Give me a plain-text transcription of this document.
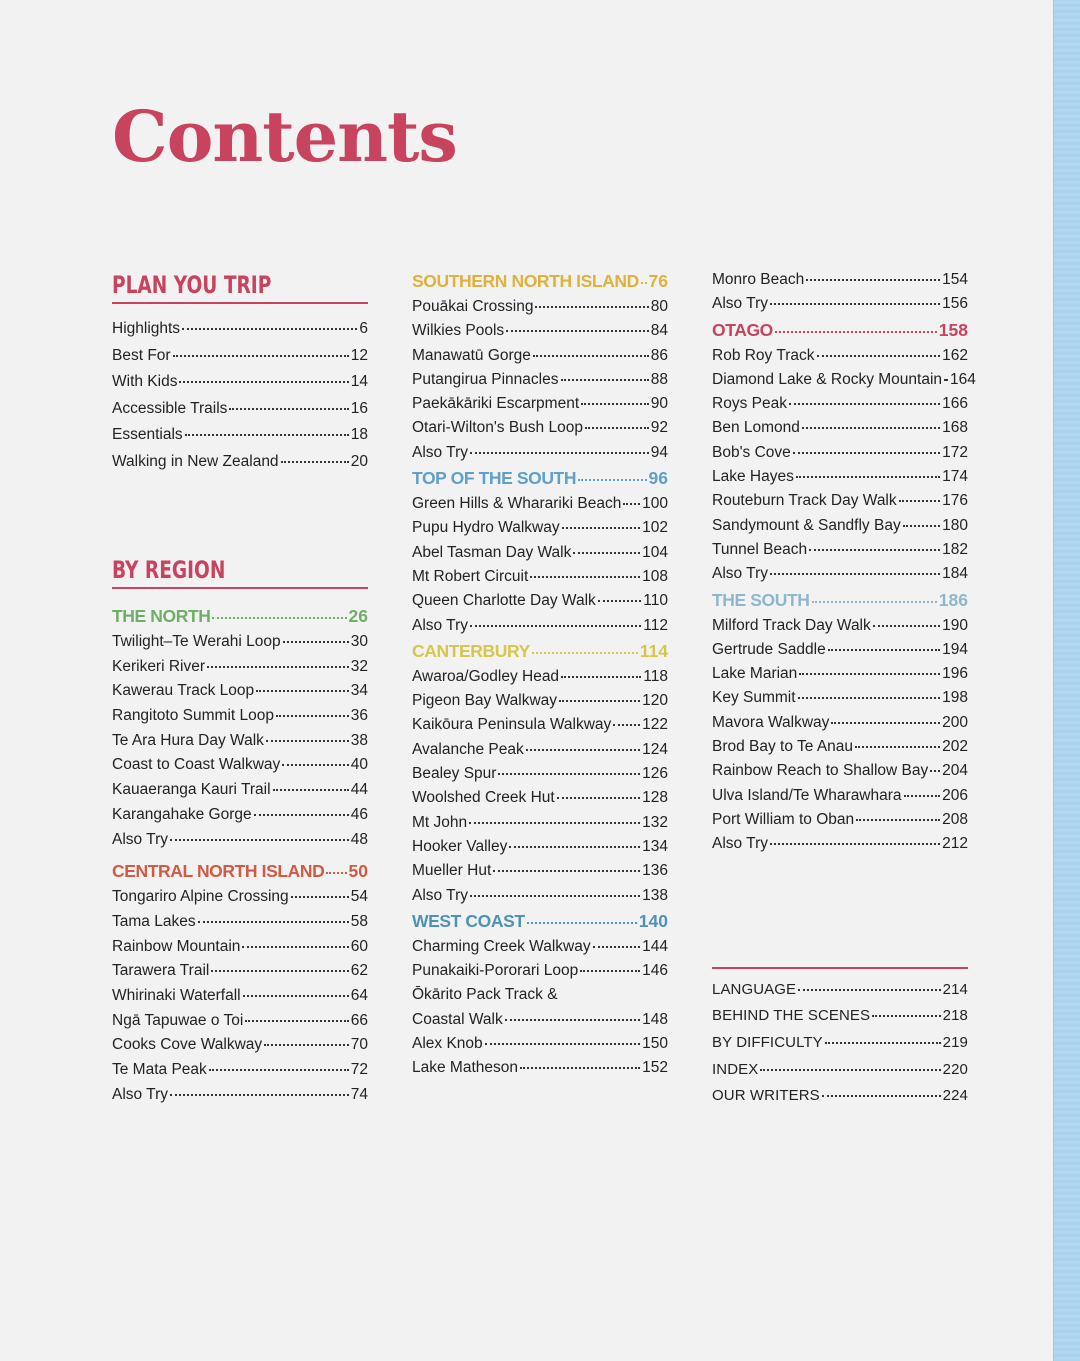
Contents
PLAN YOU TRIP
Highlights	6
Best For	12
With Kids	14
Accessible Trails	16
Essentials	18
Walking in New Zealand	20
BY REGION
THE NORTH	26
Twilight–Te Werahi Loop	30
Kerikeri River	32
Kawerau Track Loop	34
Rangitoto Summit Loop	36
Te Ara Hura Day Walk	38
Coast to Coast Walkway	40
Kauaeranga Kauri Trail	44
Karangahake Gorge	46
Also Try	48
CENTRAL NORTH ISLAND 50
Tongariro Alpine Crossing	54
Tama Lakes	58
Rainbow Mountain	60
Tarawera Trail	62
Whirinaki Waterfall	64
Ngā Tapuwae o Toi	66
Cooks Cove Walkway	70
Te Mata Peak	72
Also Try	74
SOUTHERN NORTH ISLAND 76
Pouākai Crossing	80
Wilkies Pools	84
Manawatū Gorge	86
Putangirua Pinnacles	88
Paekākāriki Escarpment	90
Otari-Wilton's Bush Loop	92
Also Try	94
TOP OF THE SOUTH	96
Green Hills & Wharariki Beach 100
Pupu Hydro Walkway	102
Abel Tasman Day Walk	104
Mt Robert Circuit	108
Queen Charlotte Day Walk	110
Also Try	112
CANTERBURY	114
Awaroa/Godley Head	118
Pigeon Bay Walkway	120
Kaikōura Peninsula Walkway 122
Avalanche Peak	124
Bealey Spur	126
Woolshed Creek Hut	128
Mt John	132
Hooker Valley	134
Mueller Hut	136
Also Try	138
WEST COAST	140
Charming Creek Walkway	144
Punakaiki-Pororari Loop	146
Ōkārito Pack Track &
Coastal Walk	148
Alex Knob	150
Lake Matheson	152
Monro Beach	154
Also Try	156
OTAGO	158
Rob Roy Track	162
Diamond Lake & Rocky Mountain 164
Roys Peak	166
Ben Lomond	168
Bob's Cove	172
Lake Hayes	174
Routeburn Track Day Walk	176
Sandymount & Sandfly Bay	180
Tunnel Beach	182
Also Try	184
THE SOUTH	186
Milford Track Day Walk	190
Gertrude Saddle	194
Lake Marian	196
Key Summit	198
Mavora Walkway	200
Brod Bay to Te Anau	202
Rainbow Reach to Shallow Bay 204
Ulva Island/Te Wharawhara	206
Port William to Oban	208
Also Try	212
LANGUAGE	214
BEHIND THE SCENES	218
BY DIFFICULTY	219
INDEX	220
OUR WRITERS	224
